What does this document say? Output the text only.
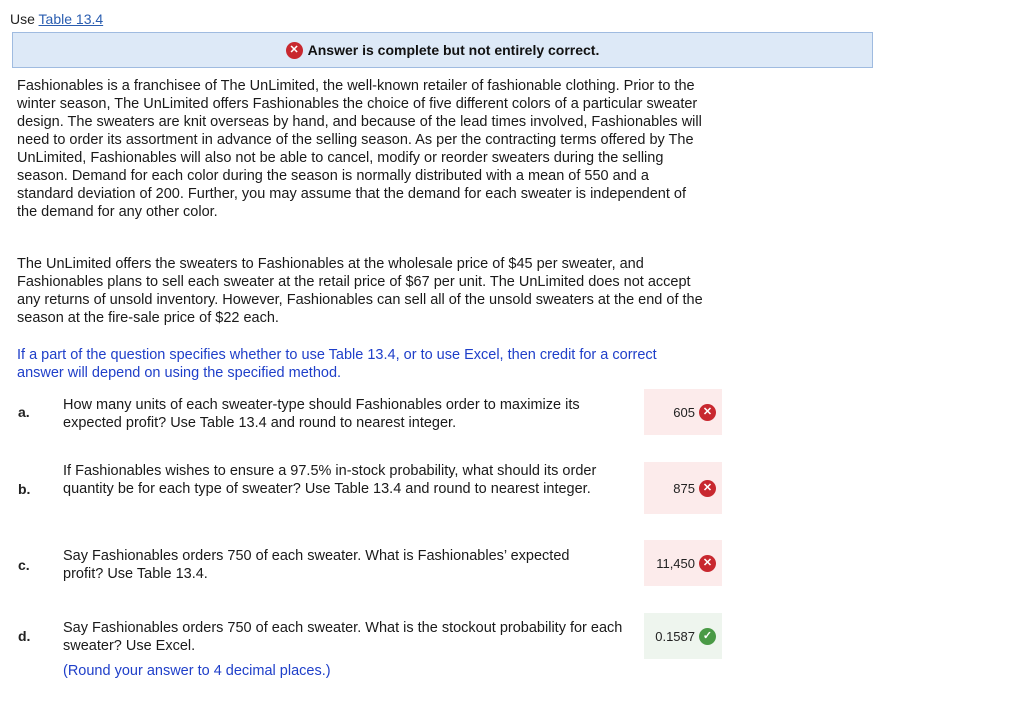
Use Table 13.4
✕ Answer is complete but not entirely correct.
Fashionables is a franchisee of The UnLimited, the well-known retailer of fashionable clothing. Prior to the winter season, The UnLimited offers Fashionables the choice of five different colors of a particular sweater design. The sweaters are knit overseas by hand, and because of the lead times involved, Fashionables will need to order its assortment in advance of the selling season. As per the contracting terms offered by The UnLimited, Fashionables will also not be able to cancel, modify or reorder sweaters during the selling season. Demand for each color during the season is normally distributed with a mean of 550 and a standard deviation of 200. Further, you may assume that the demand for each sweater is independent of the demand for any other color.
The UnLimited offers the sweaters to Fashionables at the wholesale price of $45 per sweater, and Fashionables plans to sell each sweater at the retail price of $67 per unit. The UnLimited does not accept any returns of unsold inventory. However, Fashionables can sell all of the unsold sweaters at the end of the season at the fire-sale price of $22 each.
If a part of the question specifies whether to use Table 13.4, or to use Excel, then credit for a correct answer will depend on using the specified method.
a. How many units of each sweater-type should Fashionables order to maximize its expected profit? Use Table 13.4 and round to nearest integer.
605 ✕
b.
If Fashionables wishes to ensure a 97.5% in-stock probability, what should its order quantity be for each type of sweater? Use Table 13.4 and round to nearest integer.	875 ✕
c.
Say Fashionables orders 750 of each sweater. What is Fashionables’ expected profit? Use Table 13.4.
11,450 ✕
d. Say Fashionables orders 750 of each sweater. What is the stockout probability for each sweater? Use Excel.
0.1587 ✓
(Round your answer to 4 decimal places.)
